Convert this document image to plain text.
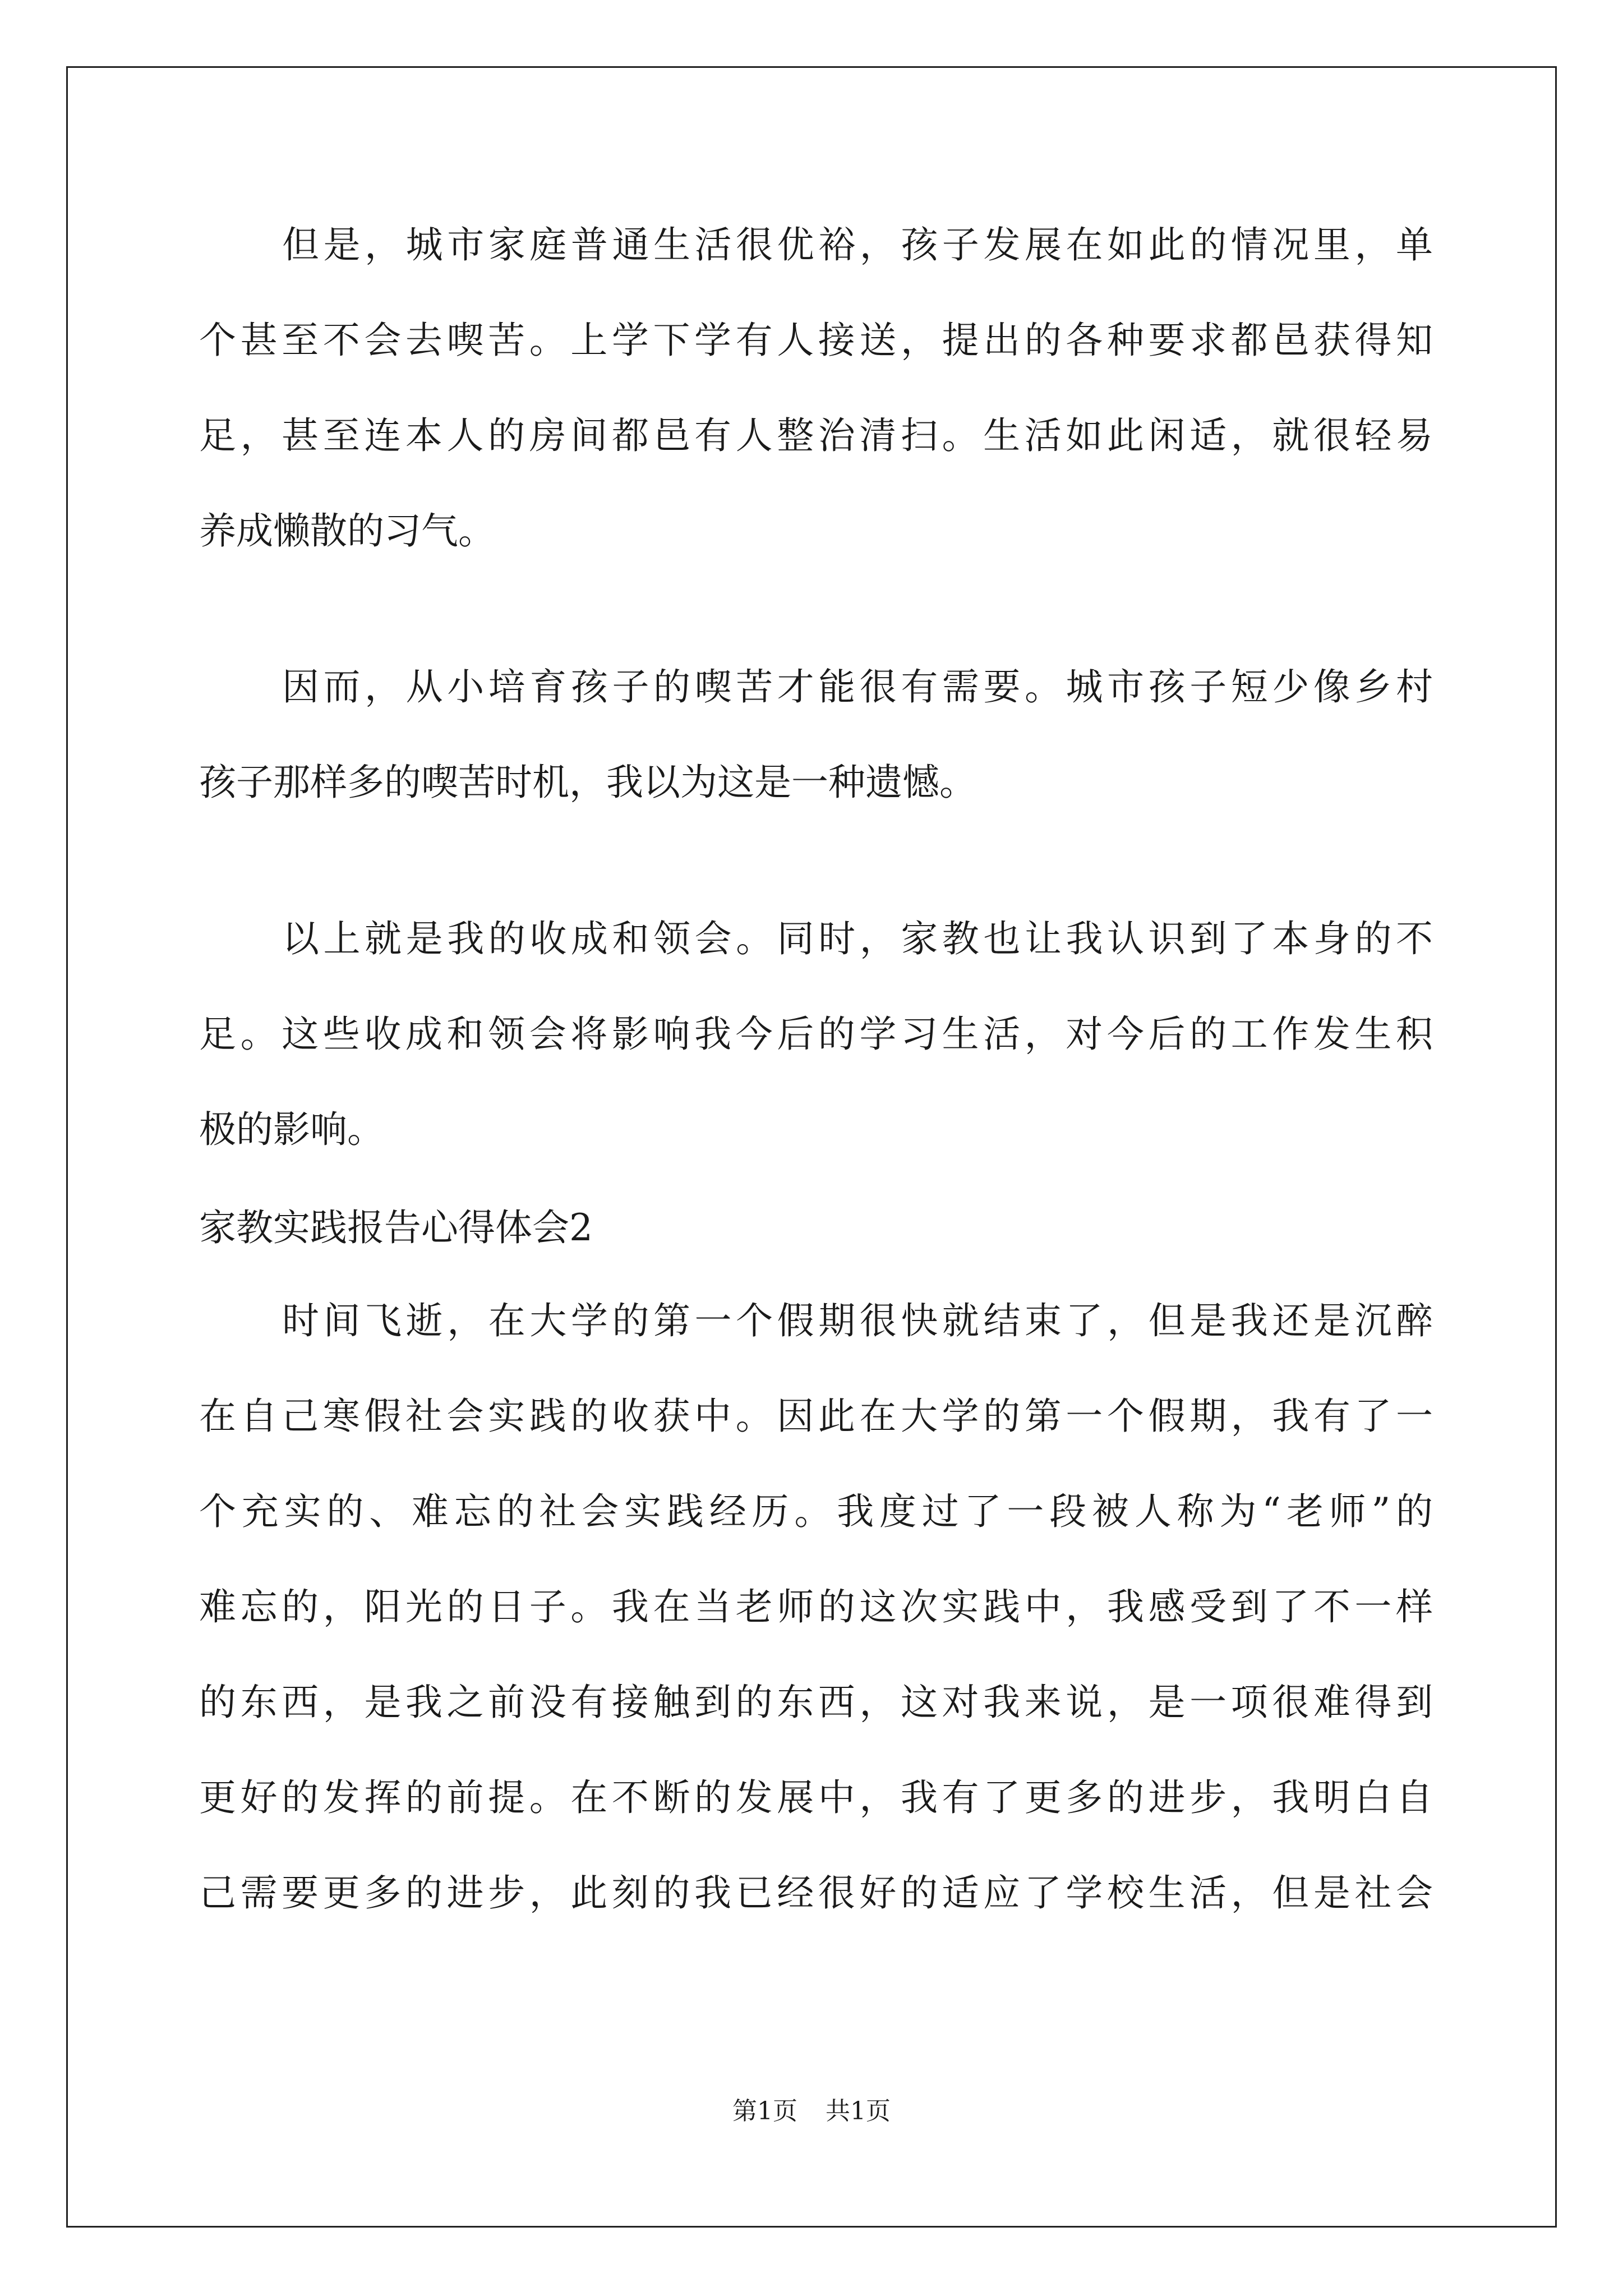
但是，城市家庭普通生活很优裕，孩子发展在如此的情况里，单
个甚至不会去喫苦。上学下学有人接送，提出的各种要求都邑获得知
足，甚至连本人的房间都邑有人整治清扫。生活如此闲适，就很轻易
养成懒散的习气。
因而，从小培育孩子的喫苦才能很有需要。城市孩子短少像乡村
孩子那样多的喫苦时机，我以为这是一种遗憾。
以上就是我的收成和领会。同时，家教也让我认识到了本身的不
足。这些收成和领会将影响我今后的学习生活，对今后的工作发生积
极的影响。
家教实践报告心得体会2
时间飞逝，在大学的第一个假期很快就结束了，但是我还是沉醉
在自己寒假社会实践的收获中。因此在大学的第一个假期，我有了一
个充实的、难忘的社会实践经历。我度过了一段被人称为“老师”的
难忘的，阳光的日子。我在当老师的这次实践中，我感受到了不一样
的东西，是我之前没有接触到的东西，这对我来说，是一项很难得到
更好的发挥的前提。在不断的发展中，我有了更多的进步，我明白自
己需要更多的进步，此刻的我已经很好的适应了学校生活，但是社会
第1页 共1页
